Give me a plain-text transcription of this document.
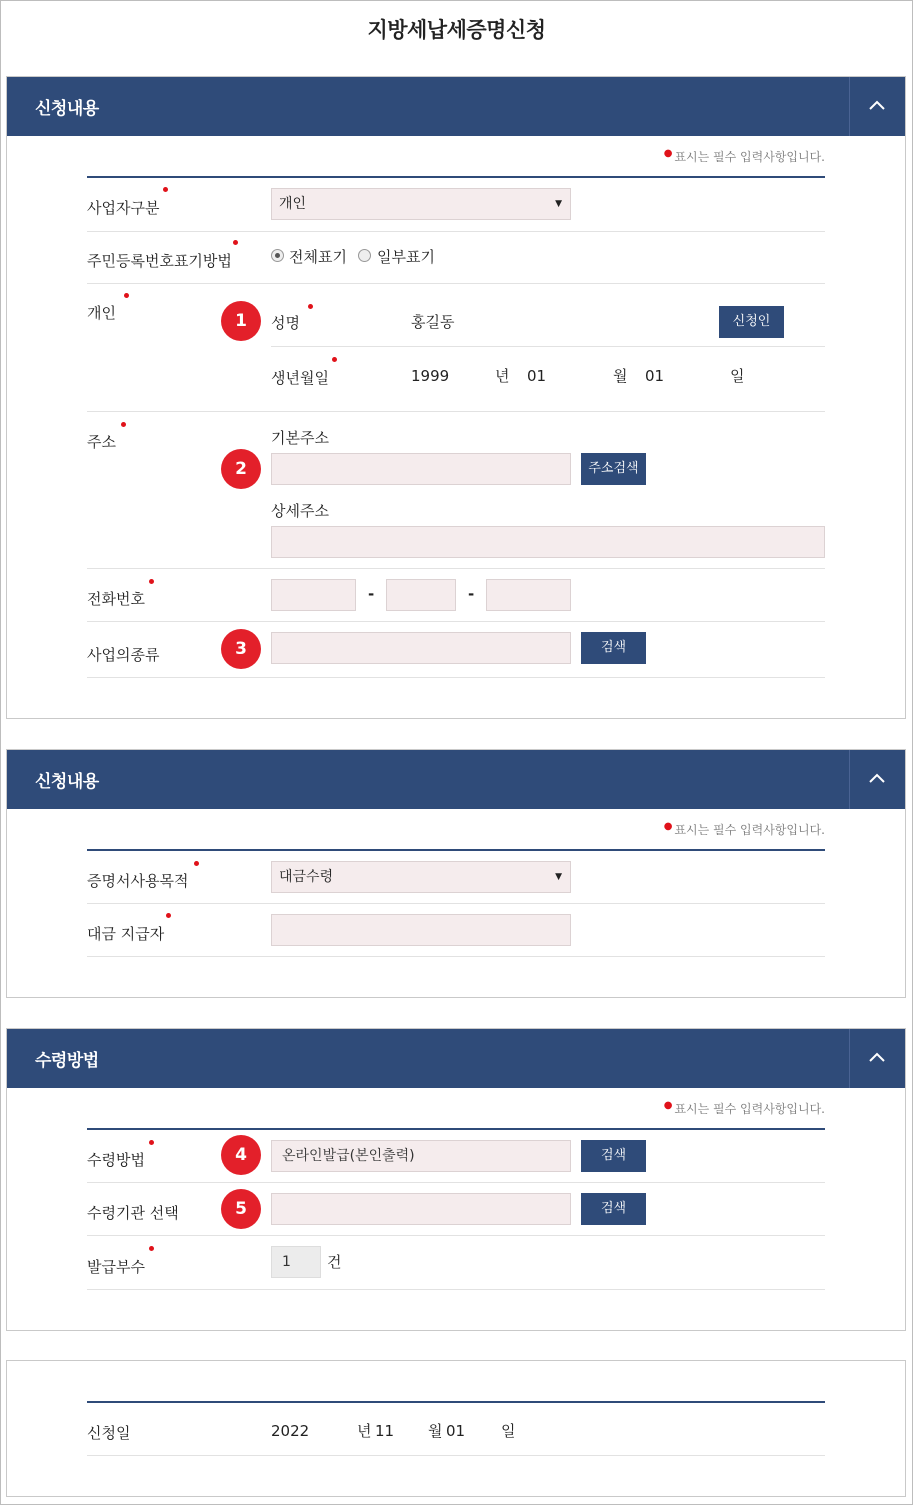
지방세납세증명신청
신청내용
● 표시는 필수 입력사항입니다.
사업자구분	개인	▼
주민등록번호표기방법	전체표기 일부표기
개인	1	성명	홍길동	신청인
생년월일	1999	년 01	월 01	일
주소	기본주소
2	주소검색
상세주소
전화번호	-	-
사업의종류	3	검색
신청내용
● 표시는 필수 입력사항입니다.
증명서사용목적	대금수령	▼
대금 지급자
수령방법
● 표시는 필수 입력사항입니다.
수령방법	4	온라인발급(본인출력)	검색
수령기관 선택	5	검색
발급부수	1	건
신청일	2022	년 11 월 01 일
